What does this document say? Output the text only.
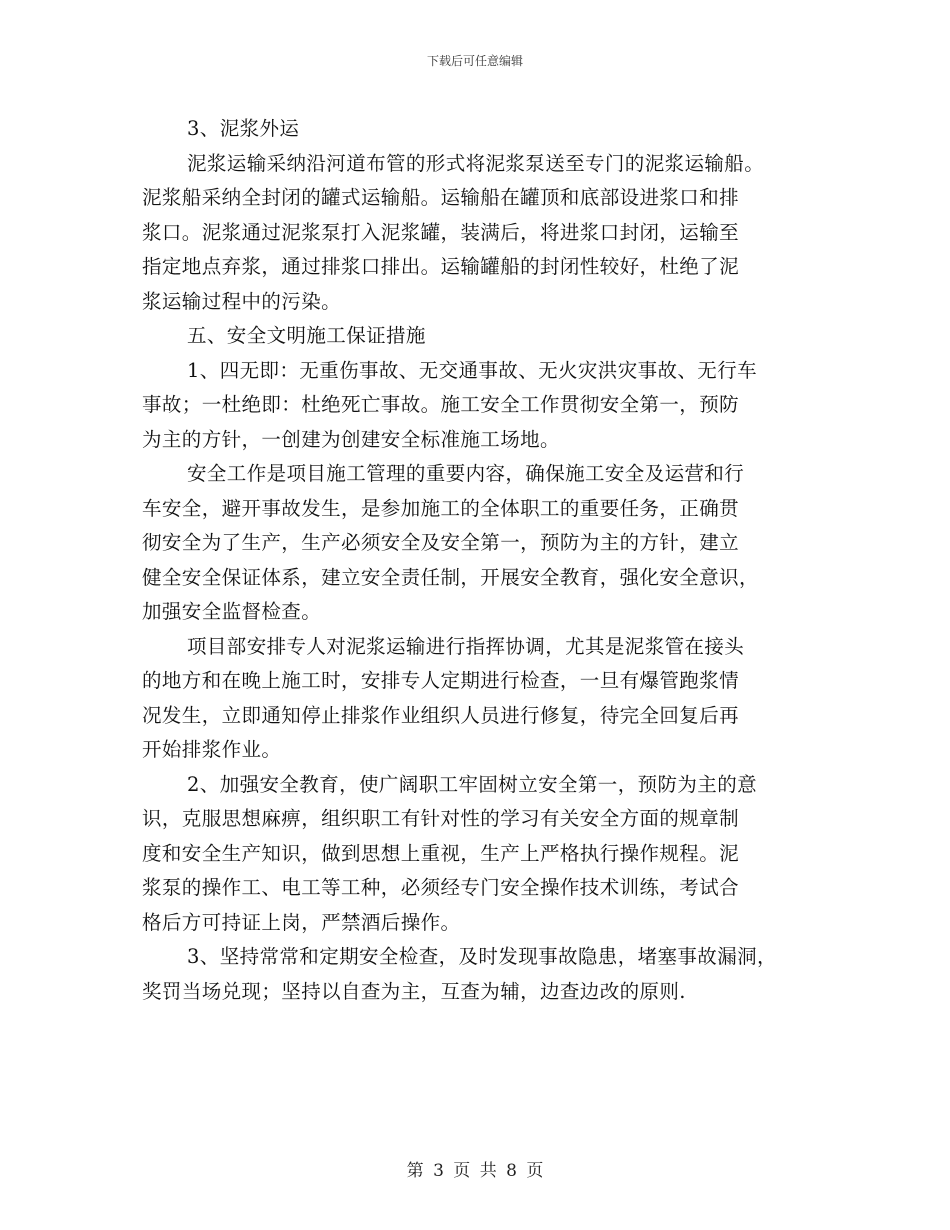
下载后可任意编辑
3、泥浆外运
泥浆运输采纳沿河道布管的形式将泥浆泵送至专门的泥浆运输船。
泥浆船采纳全封闭的罐式运输船。运输船在罐顶和底部设进浆口和排
浆口。泥浆通过泥浆泵打入泥浆罐，装满后，将进浆口封闭，运输至
指定地点弃浆，通过排浆口排出。运输罐船的封闭性较好，杜绝了泥
浆运输过程中的污染。
五、安全文明施工保证措施
1、四无即：无重伤事故、无交通事故、无火灾洪灾事故、无行车
事故；一杜绝即：杜绝死亡事故。施工安全工作贯彻安全第一，预防
为主的方针，一创建为创建安全标准施工场地。
安全工作是项目施工管理的重要内容，确保施工安全及运营和行
车安全，避开事故发生，是参加施工的全体职工的重要任务，正确贯
彻安全为了生产，生产必须安全及安全第一，预防为主的方针，建立
健全安全保证体系，建立安全责任制，开展安全教育，强化安全意识，
加强安全监督检查。
项目部安排专人对泥浆运输进行指挥协调，尤其是泥浆管在接头
的地方和在晚上施工时，安排专人定期进行检查，一旦有爆管跑浆情
况发生，立即通知停止排浆作业组织人员进行修复，待完全回复后再
开始排浆作业。
2、加强安全教育，使广阔职工牢固树立安全第一，预防为主的意
识，克服思想麻痹，组织职工有针对性的学习有关安全方面的规章制
度和安全生产知识，做到思想上重视，生产上严格执行操作规程。泥
浆泵的操作工、电工等工种，必须经专门安全操作技术训练，考试合
格后方可持证上岗，严禁酒后操作。
3、坚持常常和定期安全检查，及时发现事故隐患，堵塞事故漏洞，
奖罚当场兑现；坚持以自查为主，互查为辅，边查边改的原则.
第 3 页 共 8 页
